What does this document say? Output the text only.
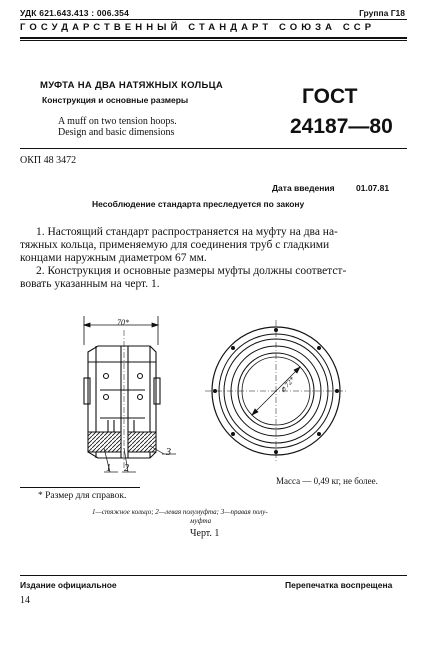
УДК 621.643.413 : 006.354	Группа Г18
ГОСУДАРСТВЕННЫЙ СТАНДАРТ СОЮЗА ССР
МУФТА НА ДВА НАТЯЖНЫХ КОЛЬЦА
Конструкция и основные размеры
A muff on two tension hoops.
Design and basic dimensions
ГОСТ
24187—80
ОКП 48 3472
Дата введения	01.07.81
Несоблюдение стандарта преследуется по закону
1. Настоящий стандарт распространяется на муфту на два на-
тяжных кольца, применяемую для соединения труб с гладкими
концами наружным диаметром 67 мм.
2. Конструкция и основные размеры муфты должны соответст-
вовать указанным на черт. 1.
70*
⌀ 72*
1 2
3
Масса — 0,49 кг, не более.
* Размер для справок.
1—стяжное кольцо; 2—левая полумуфта; 3—правая полу-
муфта
Черт. 1
Издание официальное	Перепечатка воспрещена
14
